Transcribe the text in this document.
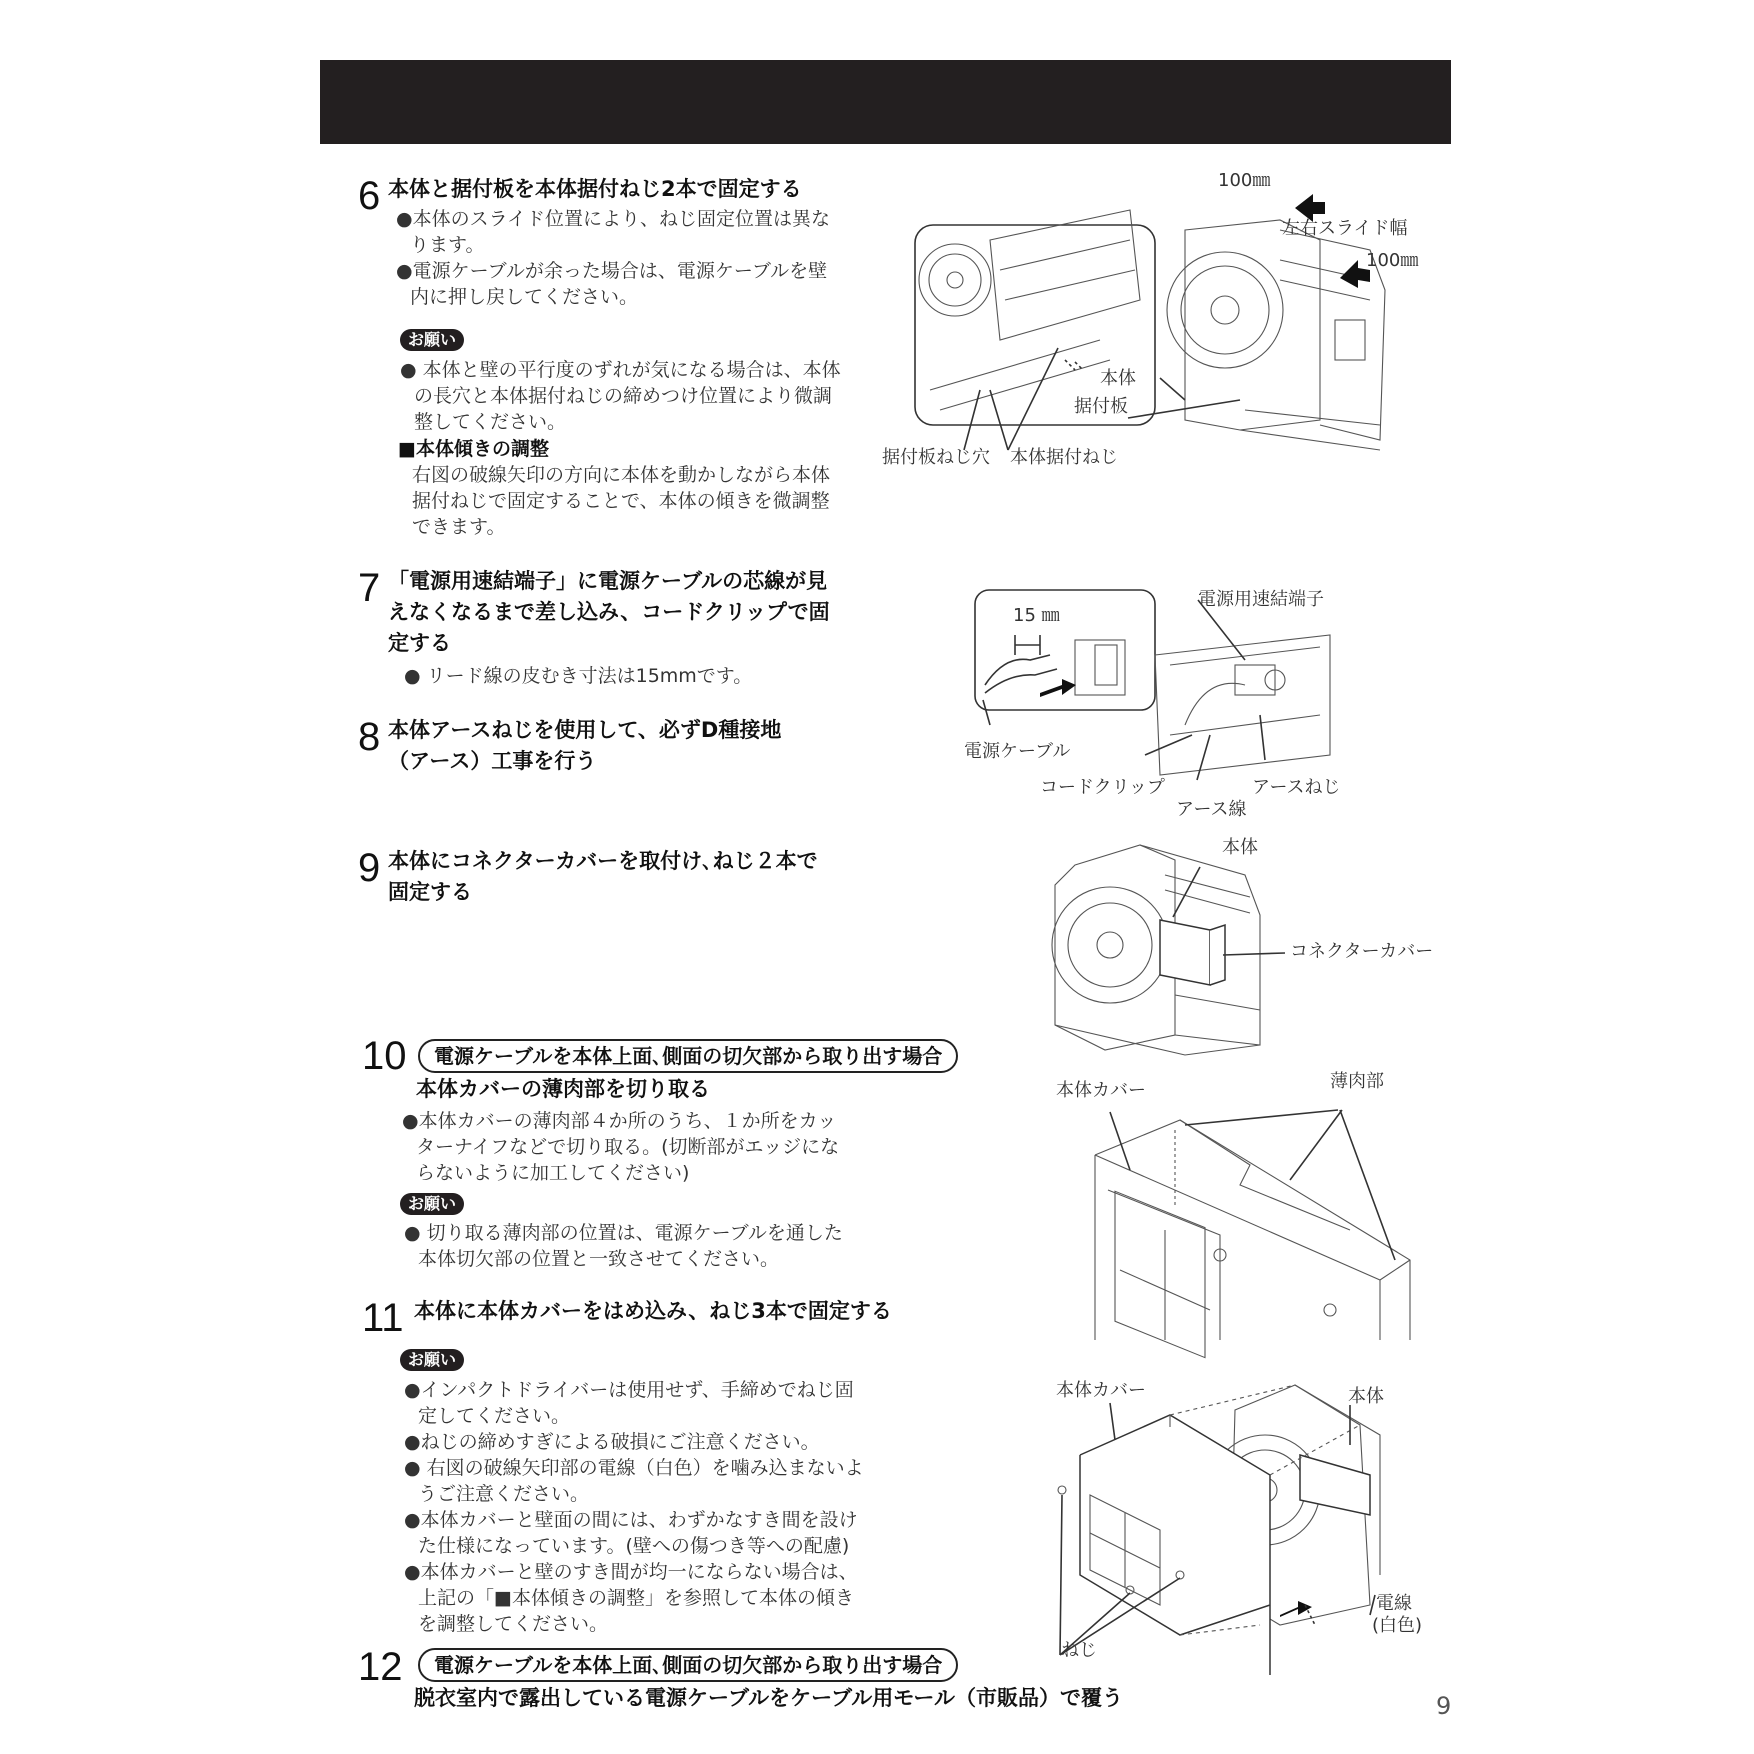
6 本体と据付板を本体据付ねじ2本で固定する

●本体のスライド位置により、ねじ固定位置は異な

ります。

●電源ケーブルが余った場合は、電源ケーブルを壁

内に押し戻してください。

お願い

● 本体と壁の平行度のずれが気になる場合は、本体

の長穴と本体据付ねじの締めつけ位置により微調

整してください。

■本体傾きの調整

右図の破線矢印の方向に本体を動かしながら本体

据付ねじで固定することで、本体の傾きを微調整

できます。

100㎜
左右スライド幅
100㎜
本体
据付板
据付板ねじ穴 本体据付ねじ
7 「電源用速結端子」に電源ケーブルの芯線が見
えなくなるまで差し込み、コードクリップで固
定する
● リード線の皮むき寸法は15mmです。
15 ㎜
電源用速結端子
電源ケーブル
コードクリップ	アースねじ
アース線
8 本体アースねじを使用して、必ずD種接地
（アース）工事を行う
9 本体にコネクターカバーを取付け､ねじ２本で
固定する
本体
コネクターカバー
10	電源ケーブルを本体上面､側面の切欠部から取り出す場合
本体カバーの薄肉部を切り取る

●本体カバーの薄肉部４か所のうち、１か所をカッ

ターナイフなどで切り取る。(切断部がエッジにな

らないように加工してください)

お願い

● 切り取る薄肉部の位置は、電源ケーブルを通した

本体切欠部の位置と一致させてください。

本体カバー	薄肉部
11 本体に本体カバーをはめ込み、ねじ3本で固定する
お願い

●インパクトドライバーは使用せず、手締めでねじ固

定してください。

●ねじの締めすぎによる破損にご注意ください。

● 右図の破線矢印部の電線（白色）を噛み込まないよ

うご注意ください。

●本体カバーと壁面の間には、わずかなすき間を設け

た仕様になっています。(壁への傷つき等への配慮)

●本体カバーと壁のすき間が均一にならない場合は、

上記の「■本体傾きの調整」を参照して本体の傾き

を調整してください。

本体カバー	本体
電線
(白色)
ねじ
12	電源ケーブルを本体上面､側面の切欠部から取り出す場合
脱衣室内で露出している電源ケーブルをケーブル用モール（市販品）で覆う	9
